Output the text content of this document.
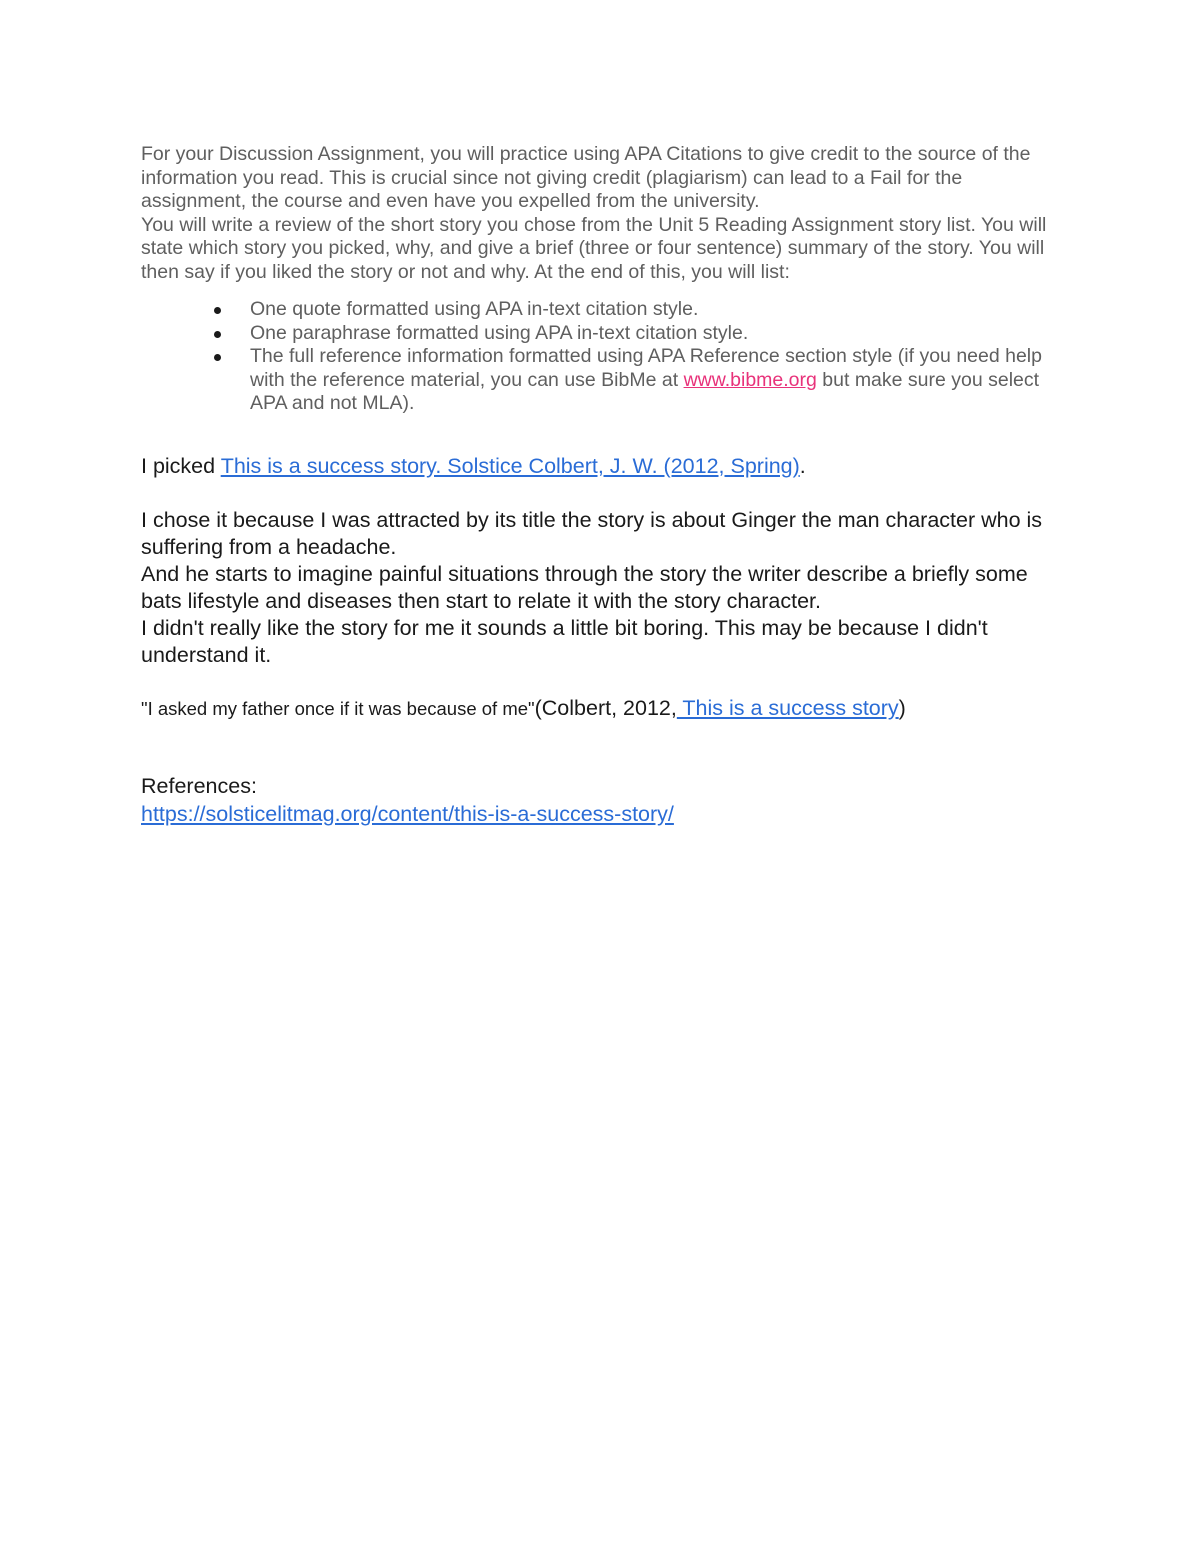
For your Discussion Assignment, you will practice using APA Citations to give credit to the source of the information you read. This is crucial since not giving credit (plagiarism) can lead to a Fail for the assignment, the course and even have you expelled from the university.

You will write a review of the short story you chose from the Unit 5 Reading Assignment story list. You will state which story you picked, why, and give a brief (three or four sentence) summary of the story. You will then say if you liked the story or not and why. At the end of this, you will list:

One quote formatted using APA in-text citation style.
One paraphrase formatted using APA in-text citation style.
The full reference information formatted using APA Reference section style (if you need help with the reference material, you can use BibMe at www.bibme.org but make sure you select APA and not MLA).

I picked This is a success story. Solstice Colbert, J. W. (2012, Spring).

I chose it because I was attracted by its title the story is about Ginger the man character who is suffering from a headache.

And he starts to imagine painful situations through the story the writer describe a briefly some bats lifestyle and diseases then start to relate it with the story character.

I didn't really like the story for me it sounds a little bit boring. This may be because I didn't understand it.

"I asked my father once if it was because of me"(Colbert, 2012, This is a success story)

References:
https://solsticelitmag.org/content/this-is-a-success-story/
